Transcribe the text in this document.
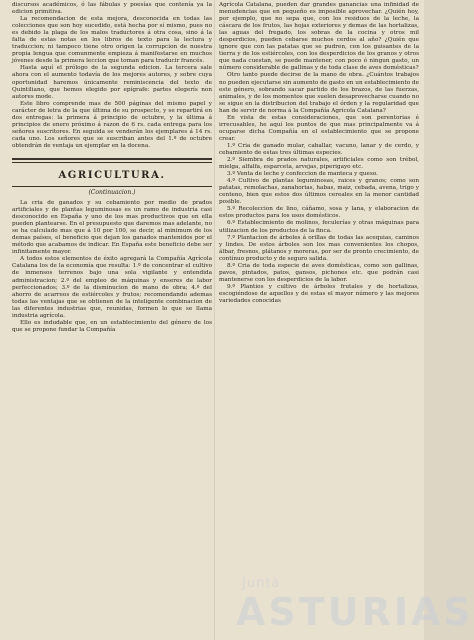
discursos académicos, ó las fábulas y poesías que contenía ya la edicion primitiva.

La recomendacion de esta mejora, desconocida en todas las colecciones que son hoy sucedido, está hecha por sí mismo, pues no es debido la plaga de los malos traductores á otra cosa, sino á la falta de estas notas en los libros de texto para la lectura y traduccion; ni tampoco tiene otro origen la corrupcion de nuestra propia lengua que comunmente empieza á manifestarse en muchos jóvenes desde la primera leccion que toman para traducir francés.

Hasta aquí el prólogo de la segunda edicion. La tercera sale ahora con el aumento todavía de los mejores autores, y sobre cuya oportunidad haremos únicamente reminiscencia del texto de Quintiliano, que hemos elegido por epígrafe: partes elegerís non autores mode.

Este libro comprende mas de 500 páginas del mismo papel y carácter de letra de la que última de su prospecto, y se repartirá en dos entregas: la primera á principio de octubre, y la última á principios de enero próximo á razon de 6 rs. cada entrega para los señores suscritores. En seguida se venderán los ejemplares á 14 rs. cada uno. Los señores que se suscriban antes del 1.º de octubre obtendrán de ventaja un ejemplar en la docena.

AGRICULTURA.
(Continuacion.)

La cria de ganados y su cebamiento por medio de prados artificiales y de plantas leguminosas es un ramo de industria casi desconocido en España y uno de los mas productivos que en ella pueden plantearse. En el presupuesto que daremos mas adelante, no se ha calculado mas que á 10 por 100, se decir, al minimum de los demas países, el beneficio que dejan los ganados mantenidos por el método que acabamos de indicar. En España este beneficio debe ser infinitamente mayor.

A todos estos elementos de éxito agregará la Compañía Agrícola Catalana los de la economía que resulta: 1.º de concentrar el cultivo de inmensos terrenos bajo una sola vigilante y entendida administracion; 2.º del empleo de máquinas y enseres de labor perfeccionados; 3.º de la disminucion de mano de obra; 4.º del ahorro de acarreos de estiércoles y frutos; recomendando ademas todas las ventajas que se obtienen de la inteligente combinacion de las diferentes industrias que, reunidas, formen lo que se llama industria agrícola.

Ello es indudable que, en un establecimiento del género de los que se propone fundar la Compañía

Agrícola Catalana, pueden dar grandes ganancias una infinidad de menudencias que en pequeño es imposible aprovechar. ¿Quién hoy, por ejemplo, que no sepa que, con los residuos de la leche, la cáscara de los frutos, las hojas exteriores y demas de las hortalizas, las aguas del fregado, los sobras de la cocina y otros mil desperdicios, pueden cebarse muchos cerdos al año? ¿Quién que ignore que con las patatas que se pudren, con los guisantes de la tierra y de los estiércoles, con los desperdicios de los granos y otros que nada cuestan, se puede mantener, con poco ó ningun gasto, un número considerable de gallinas y de toda clase de aves domésticas?

Otro tanto puede decirse de la mano de obra. ¿Cuántos trabajos no pueden ejecutarse sin aumento de gasto en un establecimiento de este género, sobrando sacar partido de los brazos, de las fuerzas, animales, y de los momentos que suelen desaprovecharse cuando no se sigue en la distribucion del trabajo el órden y la regularidad que han de servir de norma á la Compañía Agrícola Catalana?

En vista de estas consideraciones, que son perentorias é irrecusables, he aquí los puntos de que mas principalmente va á ocuparse dicha Compañía en el establecimiento que se propone crear.

1.º Cria de ganado mular, caballar, vacuno, lanar y de cerdo, y cebamiento de estas tres últimas especies.

2.º Siembra de prados naturales, artificiales como son trébol, mielga, alfalfa, esparceta, arvejas, piperigayo etc.

3.º Venta de leche y confeccion de manteca y queso.

4.º Cultivo de plantas leguminosas, raices y granos; como son patatas, remolachas, zanahorias, habas, maiz, cebada, avena, trigo y centeno, bien que estos dos últimos cereales en la menor cantidad posible.

5.º Recoleccion de lino, cáñamo, sosa y lana, y elaboracion de estos productos para los usos domésticos.

6.º Establecimiento de molinos, feculerías y otras máquinas para utilizacion de los productos de la finca.

7.º Plantacion de árboles á orillas de todas las acequias, caminos y lindes. De estos árboles son los mas convenientes los chopos, álbar, fresnos, plátanos y moreras, por ser de pronto crecimiento, de contínuo producto y de seguro salida.

8.º Cria de toda especie de aves domésticas, como son gallinas, pavos, pintados, patos, gansos, pichones etc. que podrán casi mantenerse con los desperdicios de la labor.

9.º Plantios y cultivo de árboles frutales y de hortalizas, escogiéndose de aquellos y de estas el mayor número y las mejores variedades conocidas

Junta
ASTURIAS
